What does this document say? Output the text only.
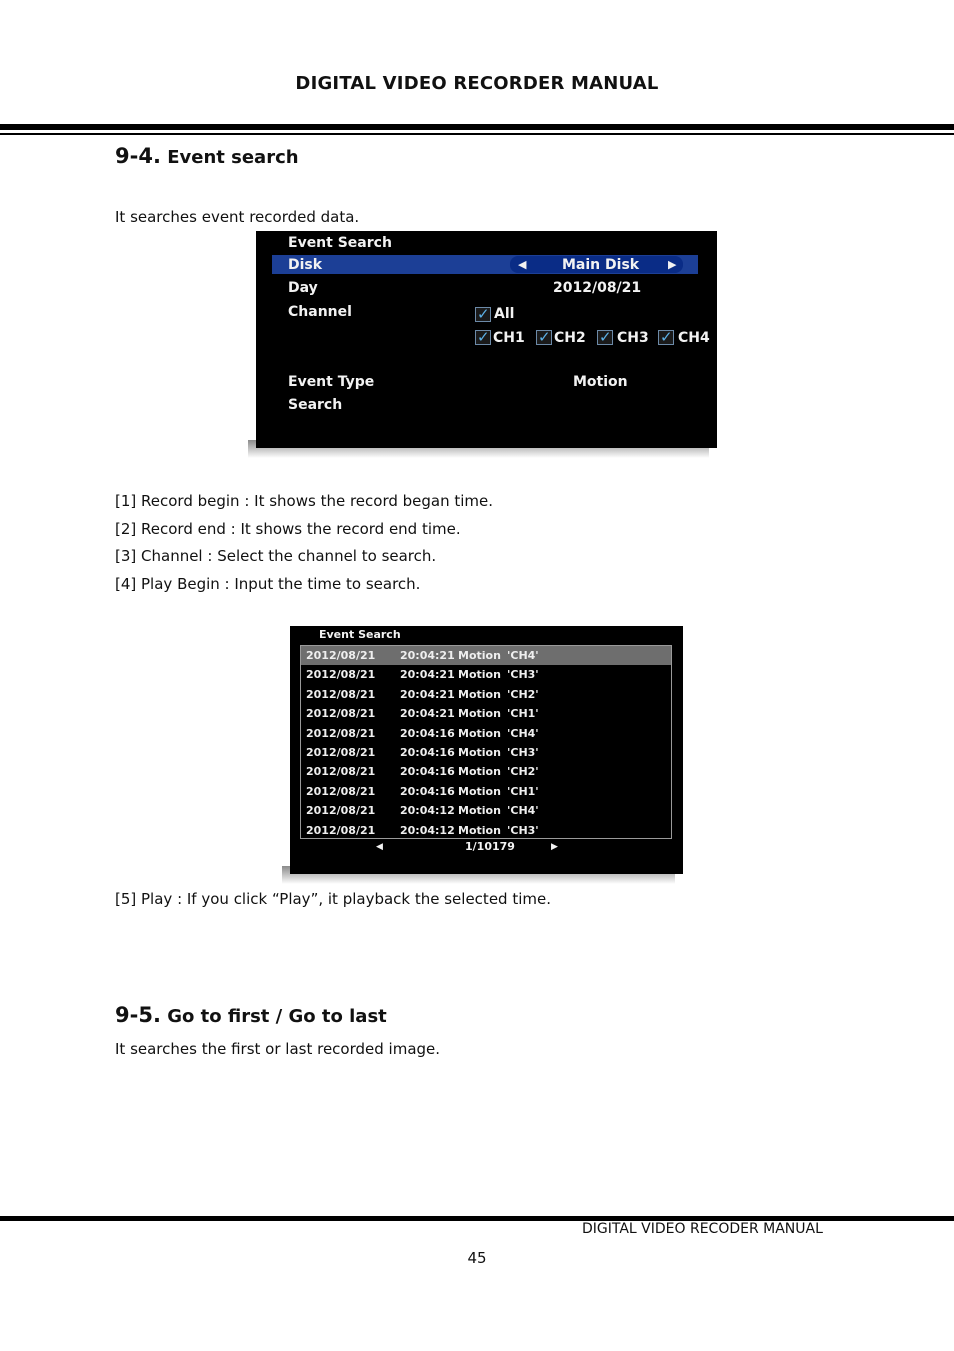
DIGITAL VIDEO RECORDER MANUAL
9-4. Event search
It searches event recorded data.
Event Search
Disk	◀	Main Disk	▶
Day	2012/08/21
Channel	✓ All
✓ CH1 ✓ CH2 ✓ CH3 ✓ CH4
Event Type	Motion
Search
[1] Record begin : It shows the record began time.
[2] Record end : It shows the record end time.
[3] Channel : Select the channel to search.
[4] Play Begin : Input the time to search.
Event Search
2012/08/21 20:04:21 Motion 'CH4'
2012/08/21 20:04:21 Motion 'CH3'
2012/08/21 20:04:21 Motion 'CH2'
2012/08/21 20:04:21 Motion 'CH1'
2012/08/21 20:04:16 Motion 'CH4'
2012/08/21 20:04:16 Motion 'CH3'
2012/08/21 20:04:16 Motion 'CH2'
2012/08/21 20:04:16 Motion 'CH1'
2012/08/21 20:04:12 Motion 'CH4'
2012/08/21 20:04:12 Motion 'CH3'
◀	1/10179	▶
[5] Play : If you click “Play”, it playback the selected time.
9-5. Go to first / Go to last
It searches the first or last recorded image.
DIGITAL VIDEO RECODER MANUAL
45
